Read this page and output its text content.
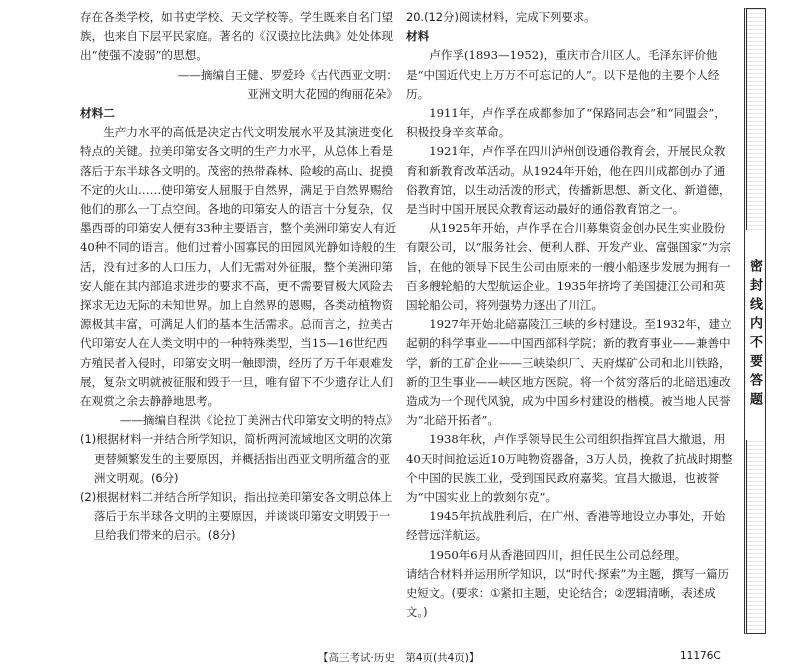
存在各类学校，如书吏学校、天文学校等。学生既来自名门望族，也来自下层平民家庭。著名的《汉谟拉比法典》处处体现出“使强不凌弱”的思想。

——摘编自王健、罗爱玲《古代西亚文明：

亚洲文明大花园的绚丽花朵》

材料二

生产力水平的高低是决定古代文明发展水平及其演进变化特点的关键。拉美印第安各文明的生产力水平，从总体上看是落后于东半球各文明的。茂密的热带森林、险峻的高山、捉摸不定的火山……使印第安人屈服于自然界，满足于自然界赐给他们的那么一丁点空间。各地的印第安人的语言十分复杂，仅墨西哥的印第安人便有33种主要语言，整个美洲印第安人有近40种不同的语言。他们过着小国寡民的田园风光静如诗般的生活，没有过多的人口压力，人们无需对外征服，整个美洲印第安人能在其内部追求进步的要求不高，更不需要冒极大风险去探求无边无际的未知世界。加上自然界的恩赐，各类动植物资源极其丰富，可满足人们的基本生活需求。总而言之，拉美古代印第安人在人类文明中的一种特殊类型，当15—16世纪西方殖民者入侵时，印第安文明一触即溃，经历了万千年艰难发展，复杂文明就被征服和毁于一旦，唯有留下不少遗存让人们在观赏之余去静静地思考。

——摘编自程洪《论拉丁美洲古代印第安文明的特点》

(1)根据材料一并结合所学知识，简析两河流域地区文明的次第更替频繁发生的主要原因，并概括指出西亚文明所蕴含的亚洲文明观。(6分)

(2)根据材料二并结合所学知识，指出拉美印第安各文明总体上落后于东半球各文明的主要原因，并谈谈印第安文明毁于一旦给我们带来的启示。(8分)

20.(12分)阅读材料，完成下列要求。

材料

卢作孚(1893—1952)，重庆市合川区人。毛泽东评价他是“中国近代史上万万不可忘记的人”。以下是他的主要个人经历。

1911年，卢作孚在成都参加了“保路同志会”和“同盟会”，积极投身辛亥革命。

1921年，卢作孚在四川泸州创设通俗教育会，开展民众教育和新教育改革活动。从1924年开始，他在四川成都创办了通俗教育馆，以生动活泼的形式，传播新思想、新文化、新道德，是当时中国开展民众教育运动最好的通俗教育馆之一。

从1925年开始，卢作孚在合川募集资金创办民生实业股份有限公司，以“服务社会、便利人群、开发产业、富强国家”为宗旨，在他的领导下民生公司由原来的一艘小船逐步发展为拥有一百多艘轮船的大型航运企业。1935年挤垮了美国捷江公司和英国轮船公司，将列强势力逐出了川江。

1927年开始北碚嘉陵江三峡的乡村建设。至1932年，建立起朝的科学事业——中国西部科学院；新的教育事业——兼善中学，新的工矿企业——三峡染织厂、天府煤矿公司和北川铁路，新的卫生事业——峡区地方医院。将一个贫穷落后的北碚迅速改造成为一个现代风貌，成为中国乡村建设的楷模。被当地人民誉为“北碚开拓者”。

1938年秋，卢作孚领导民生公司组织指挥宜昌大撤退，用40天时间抢运近10万吨物资器备，3万人员，挽救了抗战时期整个中国的民族工业，受到国民政府嘉奖。宜昌大撤退，也被誉为“中国实业上的敦刻尔克”。

1945年抗战胜利后，在广州、香港等地设立办事处，开始经营远洋航运。

1950年6月从香港回四川，担任民生公司总经理。

请结合材料并运用所学知识，以“时代·探索”为主题，撰写一篇历史短文。(要求：①紧扣主题，史论结合；②逻辑清晰，表述成文。)

密封线内不要答题
【高三考试·历史　第4页(共4页)】	11176C
